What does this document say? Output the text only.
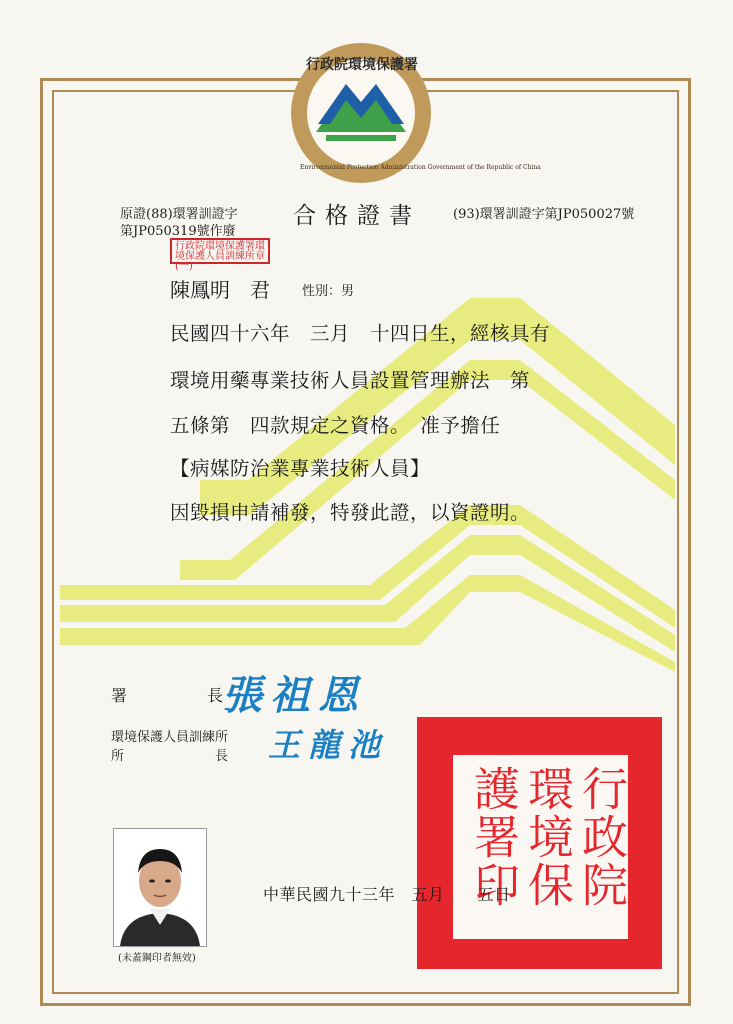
行政院環境保護署
Environmental Protection Administration Government of the Republic of China
合格證書
原證(88)環署訓證字
第JP050319號作廢
(93)環署訓證字第JP050027號
行政院環境保護署環境保護人員訓練所章(一)
陳鳳明　君 性別：男
民國四十六年　三月　十四日生，經核具有
環境用藥專業技術人員設置管理辦法　第
五條第　四款規定之資格。　准予擔任
【病媒防治業專業技術人員】
因毀損申請補發，特發此證，以資證明。
署　　　　　長
張祖恩
環境保護人員訓練所
所　　　　　　　長 王龍池
行政院環境保護署印
(未蓋鋼印者無效)
中華民國九十三年　五月　　五日
